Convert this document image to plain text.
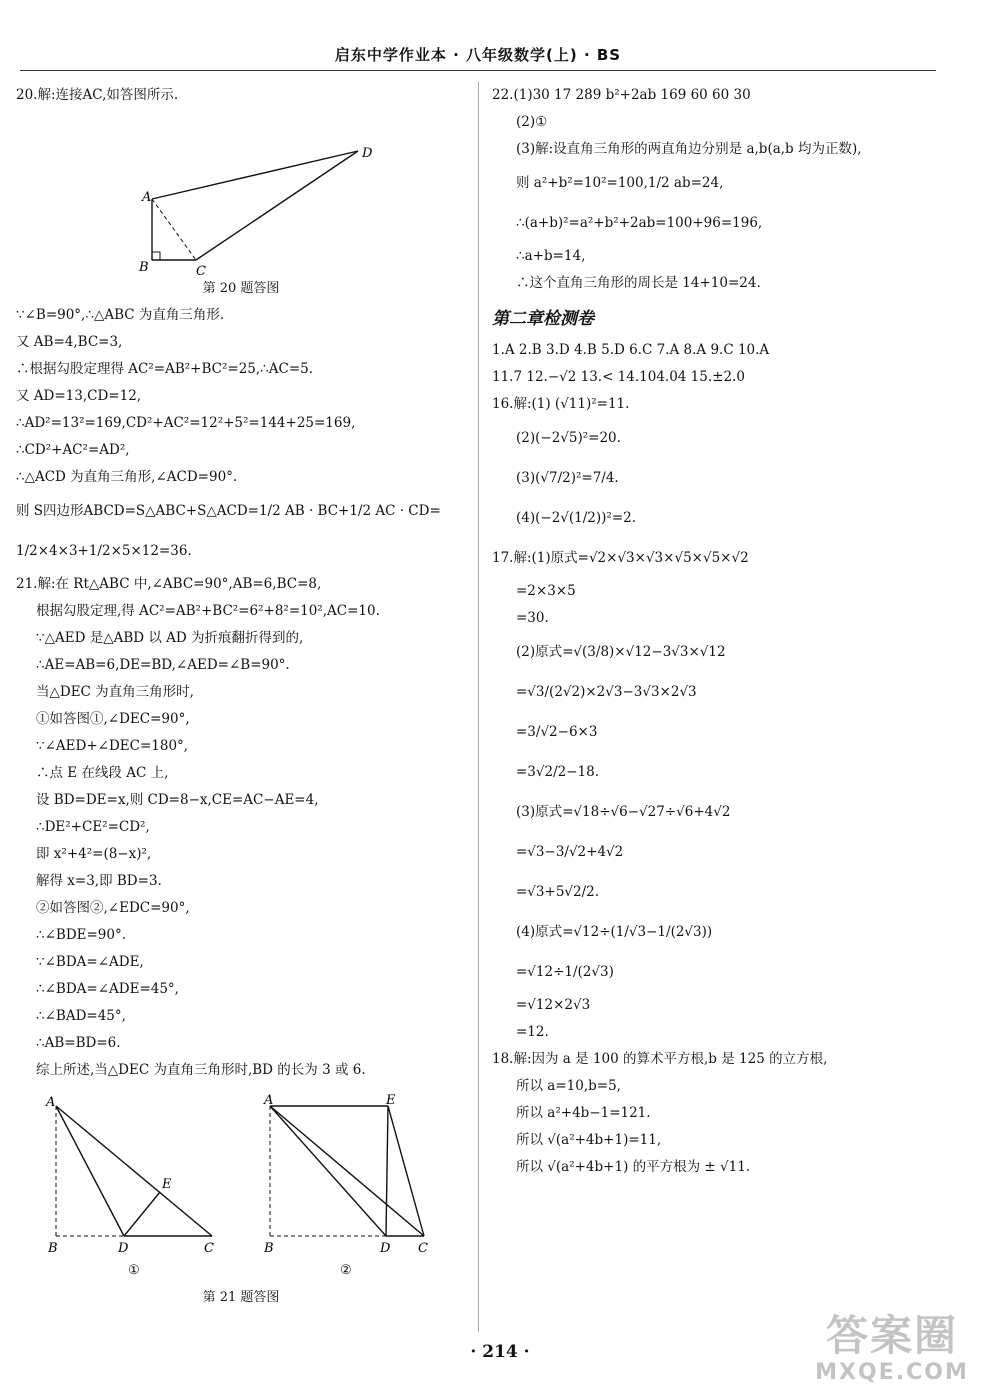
启东中学作业本 · 八年级数学(上) · BS
20.解:连接AC,如答图所示.
A
B	C
D
第 20 题答图
∵∠B=90°,∴△ABC 为直角三角形.
又 AB=4,BC=3,
∴根据勾股定理得 AC²=AB²+BC²=25,∴AC=5.
又 AD=13,CD=12,
∴AD²=13²=169,CD²+AC²=12²+5²=144+25=169,
∴CD²+AC²=AD²,
∴△ACD 为直角三角形,∠ACD=90°.
则 S四边形ABCD=S△ABC+S△ACD=1/2 AB · BC+1/2 AC · CD=
1/2×4×3+1/2×5×12=36.
21.解:在 Rt△ABC 中,∠ABC=90°,AB=6,BC=8,
根据勾股定理,得 AC²=AB²+BC²=6²+8²=10²,AC=10.
∵△AED 是△ABD 以 AD 为折痕翻折得到的,
∴AE=AB=6,DE=BD,∠AED=∠B=90°.
当△DEC 为直角三角形时,
①如答图①,∠DEC=90°,
∵∠AED+∠DEC=180°,
∴点 E 在线段 AC 上,
设 BD=DE=x,则 CD=8−x,CE=AC−AE=4,
∴DE²+CE²=CD²,
即 x²+4²=(8−x)²,
解得 x=3,即 BD=3.
②如答图②,∠EDC=90°,
∴∠BDE=90°.
∵∠BDA=∠ADE,
∴∠BDA=∠ADE=45°,
∴∠BAD=45°,
∴AB=BD=6.
综上所述,当△DEC 为直角三角形时,BD 的长为 3 或 6.
A
B	D	C
E
①
A	E
B	D C
②
第 21 题答图
22.(1)30 17 289 b²+2ab 169 60 60 30
(2)①
(3)解:设直角三角形的两直角边分别是 a,b(a,b 均为正数),
则 a²+b²=10²=100,1/2 ab=24,
∴(a+b)²=a²+b²+2ab=100+96=196,
∴a+b=14,
∴这个直角三角形的周长是 14+10=24.
第二章检测卷
1.A 2.B 3.D 4.B 5.D 6.C 7.A 8.A 9.C 10.A
11.7 12.−√2 13.< 14.104.04 15.±2.0
16.解:(1) (√11)²=11.
(2)(−2√5)²=20.
(3)(√7/2)²=7/4.
(4)(−2√(1/2))²=2.
17.解:(1)原式=√2×√3×√3×√5×√5×√2
=2×3×5
=30.
(2)原式=√(3/8)×√12−3√3×√12
=√3/(2√2)×2√3−3√3×2√3
=3/√2−6×3
=3√2/2−18.
(3)原式=√18÷√6−√27÷√6+4√2
=√3−3/√2+4√2
=√3+5√2/2.
(4)原式=√12÷(1/√3−1/(2√3))
=√12÷1/(2√3)
=√12×2√3
=12.
18.解:因为 a 是 100 的算术平方根,b 是 125 的立方根,
所以 a=10,b=5,
所以 a²+4b−1=121.
所以 √(a²+4b+1)=11,
所以 √(a²+4b+1) 的平方根为 ± √11.
· 214 ·	答案圈
MXQE.COM
